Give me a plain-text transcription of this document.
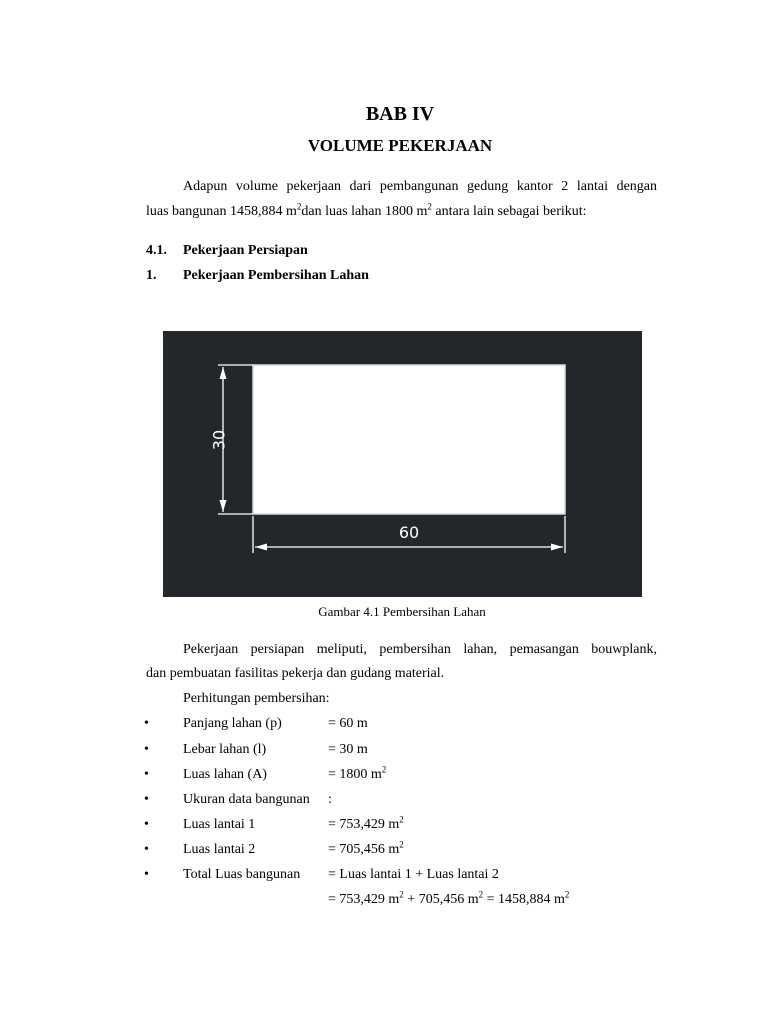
BAB IV
VOLUME PEKERJAAN
Adapun volume pekerjaan dari pembangunan gedung kantor 2 lantai dengan
luas bangunan 1458,884 $m^2dan$ luas lahan 1800 $m^2$ antara lain sebagai berikut:
4.1. Pekerjaan Persiapan
1. Pekerjaan Pembersihan Lahan
30
60
Gambar 4.1 Pembersihan Lahan
Pekerjaan persiapan meliputi, pembersihan lahan, pemasangan bouwplank,
dan pembuatan fasilitas pekerja dan gudang material.
Perhitungan pembersihan:
• Panjang lahan (p)	= 60 m
• Lebar lahan (l)	= 30 m
• Luas lahan (A)	= 1800 $m^2$
• Ukuran data bangunan :
• Luas lantai 1	= 753,429 $m^2$
• Luas lantai 2	= 705,456 $m^2$
• Total Luas bangunan = Luas lantai 1 + Luas lantai 2
= 753,429 $m^2 + 705,456$ $m^2 = 1458,884$ $m^2$
